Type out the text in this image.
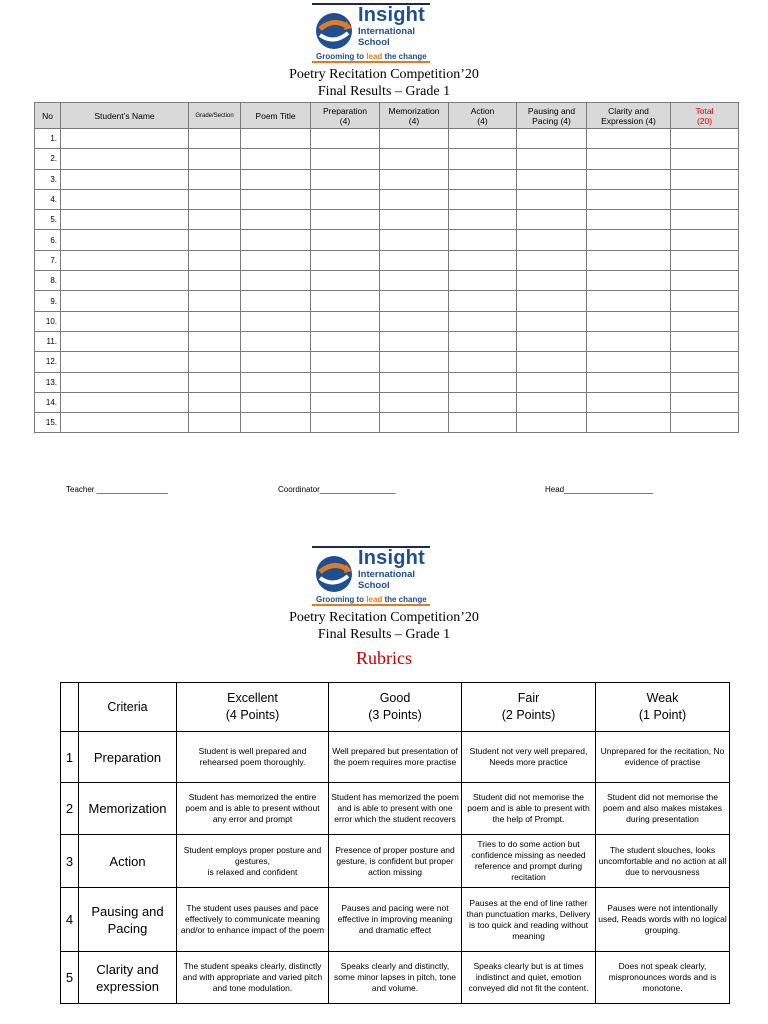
Insight
International
School
Grooming to lead the change
Poetry Recitation Competition’20
Final Results – Grade 1
No	Student’s Name	Grade/Section	Poem Title	Preparation
(4)	Memorization
(4)	Action
(4)	Pausing and
Pacing (4)	Clarity and
Expression (4)	Total
(20)
1.									
2.									
3.									
4.									
5.									
6.									
7.									
8.									
9.									
10.									
11.									
12.									
13.									
14.									
15.									
Teacher ________________	Coordinator_________________	Head____________________
Insight
International
School
Grooming to lead the change
Poetry Recitation Competition’20
Final Results – Grade 1
Rubrics
	Criteria	Excellent
(4 Points)	Good
(3 Points)	Fair
(2 Points)	Weak
(1 Point)
1	Preparation	Student is well prepared and rehearsed poem thoroughly.	Well prepared but presentation of the poem requires more practise	Student not very well prepared,
Needs more practice	Unprepared for the recitation, No evidence of practise
2	Memorization	Student has memorized the entire poem and is able to present without any error and prompt	Student has memorized the poem and is able to present with one error which the student recovers	Student did not memorise the poem and is able to present with the help of Prompt.	Student did not memorise the poem and also makes mistakes during presentation
3	Action	Student employs proper posture and gestures,
is relaxed and confident	Presence of proper posture and gesture, is confident but proper action missing	Tries to do some action but confidence missing as needed reference and prompt during recitation	The student slouches, looks uncomfortable and no action at all due to nervousness
4	Pausing and Pacing	The student uses pauses and pace effectively to communicate meaning and/or to enhance impact of the poem	Pauses and pacing were not effective in improving meaning and dramatic effect	Pauses at the end of line rather than punctuation marks, Delivery is too quick and reading without meaning	Pauses were not intentionally used, Reads words with no logical grouping.
5	Clarity and expression	The student speaks clearly, distinctly and with appropriate and varied pitch and tone modulation.	Speaks clearly and distinctly, some minor lapses in pitch, tone and volume.	Speaks clearly but is at times indistinct and quiet, emotion conveyed did not fit the content.	Does not speak clearly, mispronounces words and is monotone.
